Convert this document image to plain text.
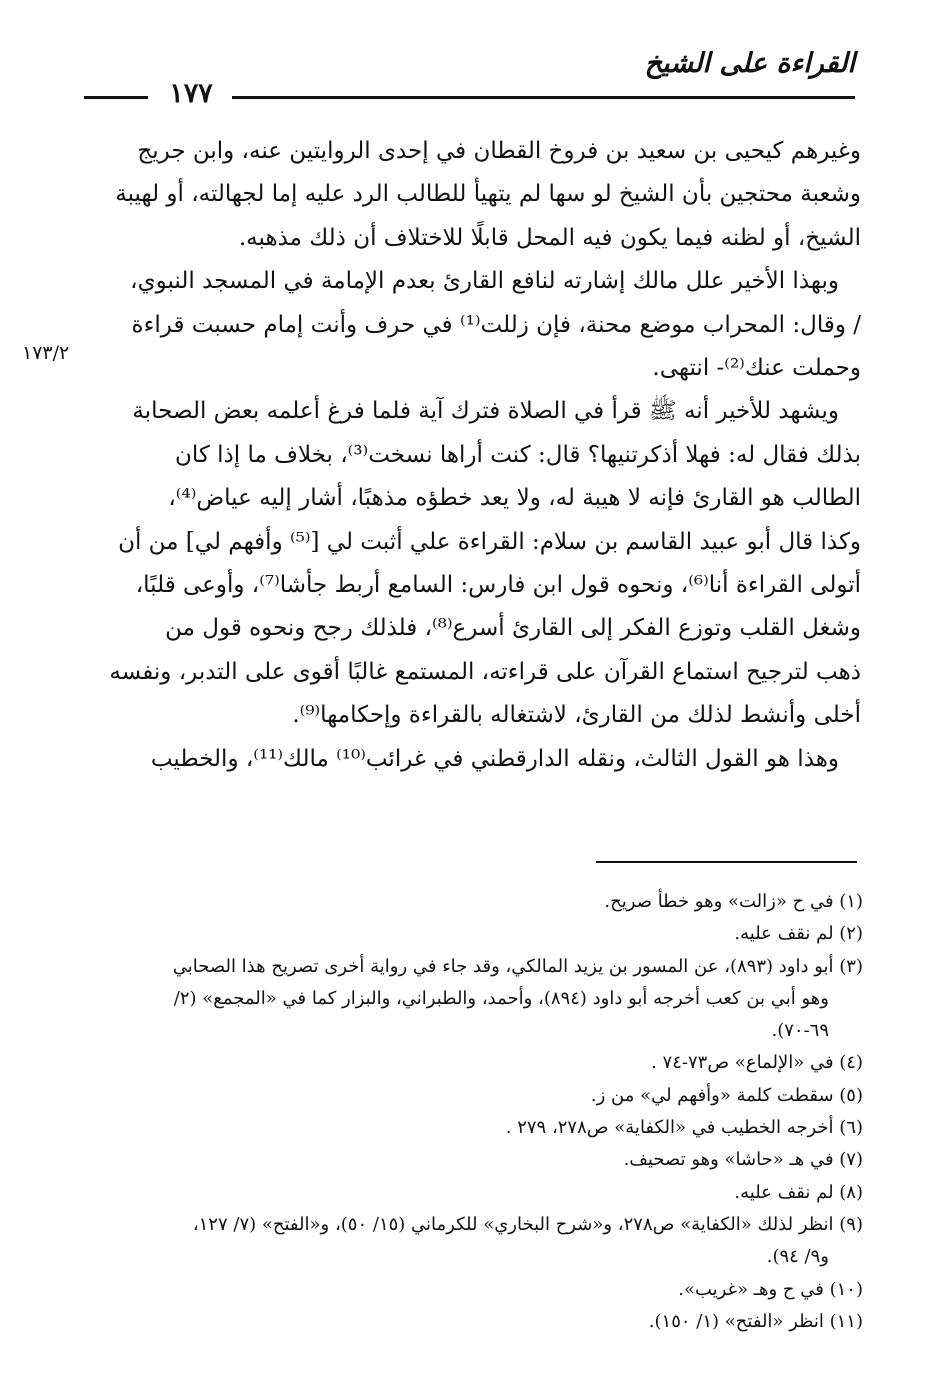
القراءة على الشيخ
١٧٧
١٧٣/٢
وغيرهم كيحيى بن سعيد بن فروخ القطان في إحدى الروايتين عنه، وابن جريج
وشعبة محتجين بأن الشيخ لو سها لم يتهيأ للطالب الرد عليه إما لجهالته، أو لهيبة
الشيخ، أو لظنه فيما يكون فيه المحل قابلًا للاختلاف أن ذلك مذهبه.
وبهذا الأخير علل مالك إشارته لنافع القارئ بعدم الإمامة في المسجد النبوي،
/ وقال: المحراب موضع محنة، فإن زللت⁽¹⁾ في حرف وأنت إمام حسبت قراءة
وحملت عنك⁽²⁾- انتهى.
ويشهد للأخير أنه ﷺ قرأ في الصلاة فترك آية فلما فرغ أعلمه بعض الصحابة
بذلك فقال له: فهلا أذكرتنيها؟ قال: كنت أراها نسخت⁽³⁾، بخلاف ما إذا كان
الطالب هو القارئ فإنه لا هيبة له، ولا يعد خطؤه مذهبًا، أشار إليه عياض⁽⁴⁾،
وكذا قال أبو عبيد القاسم بن سلام: القراءة علي أثبت لي [⁽⁵⁾ وأفهم لي] من أن
أتولى القراءة أنا⁽⁶⁾، ونحوه قول ابن فارس: السامع أربط جأشا⁽⁷⁾، وأوعى قلبًا،
وشغل القلب وتوزع الفكر إلى القارئ أسرع⁽⁸⁾، فلذلك رجح ونحوه قول من
ذهب لترجيح استماع القرآن على قراءته، المستمع غالبًا أقوى على التدبر، ونفسه
أخلى وأنشط لذلك من القارئ، لاشتغاله بالقراءة وإحكامها⁽⁹⁾.
وهذا هو القول الثالث، ونقله الدارقطني في غرائب⁽¹⁰⁾ مالك⁽¹¹⁾، والخطيب
(١) في ح «زالت» وهو خطأ صريح.
(٢) لم نقف عليه.
(٣) أبو داود (٨٩٣)، عن المسور بن يزيد المالكي، وقد جاء في رواية أخرى تصريح هذا الصحابي
وهو أبي بن كعب أخرجه أبو داود (٨٩٤)، وأحمد، والطبراني، والبزار كما في «المجمع» (٢/
٦٩-٧٠).
(٤) في «الإلماع» ص٧٣-٧٤ .
(٥) سقطت كلمة «وأفهم لي» من ز.
(٦) أخرجه الخطيب في «الكفاية» ص٢٧٨، ٢٧٩ .
(٧) في هـ «حاشا» وهو تصحيف.
(٨) لم نقف عليه.
(٩) انظر لذلك «الكفاية» ص٢٧٨، و«شرح البخاري» للكرماني (١٥/ ٥٠)، و«الفتح» (٧/ ١٢٧،
و٩/ ٩٤).
(١٠) في ح وهـ «غريب».
(١١) انظر «الفتح» (١/ ١٥٠).
